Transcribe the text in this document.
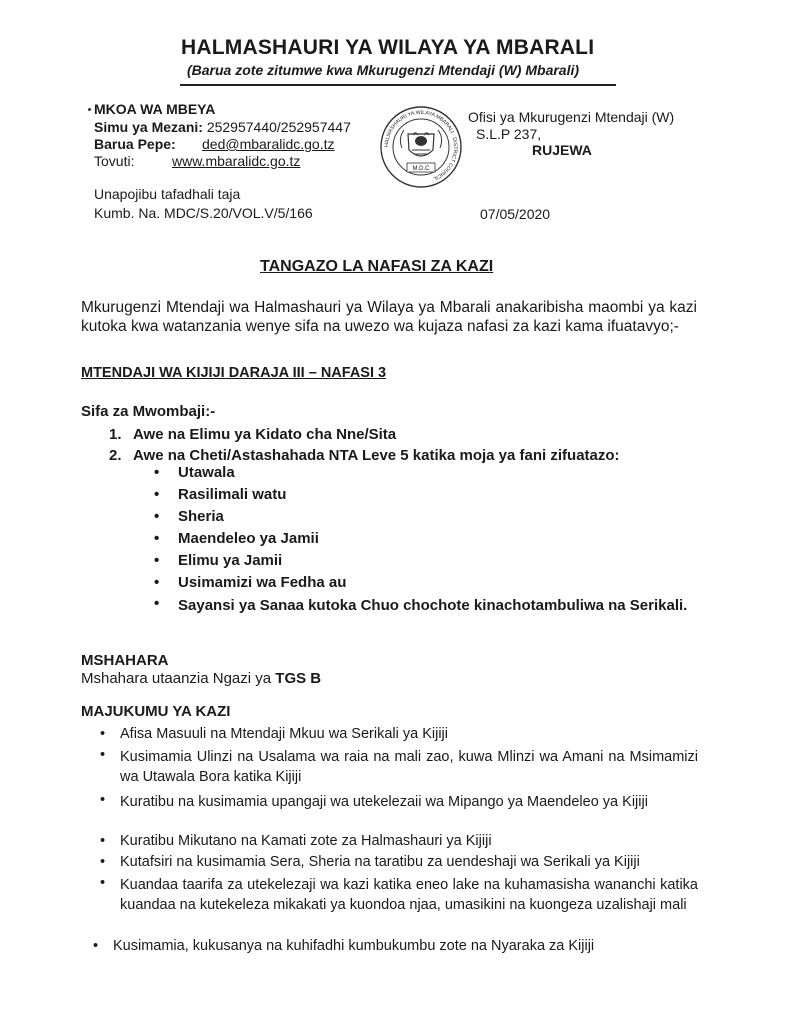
HALMASHAURI YA WILAYA YA MBARALI
(Barua zote zitumwe kwa Mkurugenzi Mtendaji (W) Mbarali)
MKOA WA MBEYA
Simu ya Mezani: 252957440/252957447
Barua Pepe: ded@mbaralidc.go.tz
Tovuti:	www.mbaralidc.go.tz
HALMASHAURI YA WILAYA MBARALI · DISTRICT COUNCIL
M.D.C
Ofisi ya Mkurugenzi Mtendaji (W)
S.L.P 237,
RUJEWA
Unapojibu tafadhali taja
Kumb. Na. MDC/S.20/VOL.V/5/166	07/05/2020
TANGAZO LA NAFASI ZA KAZI
Mkurugenzi Mtendaji wa Halmashauri ya Wilaya ya Mbarali anakaribisha maombi ya kazi kutoka kwa watanzania wenye sifa na uwezo wa kujaza nafasi za kazi kama ifuatavyo;-
MTENDAJI WA KIJIJI DARAJA III – NAFASI 3
Sifa za Mwombaji:-
1. Awe na Elimu ya Kidato cha Nne/Sita
2. Awe na Cheti/Astashahada NTA Leve 5 katika moja ya fani zifuatazo:
• Utawala
• Rasilimali watu
• Sheria
• Maendeleo ya Jamii
• Elimu ya Jamii
• Usimamizi wa Fedha au
• Sayansi ya Sanaa kutoka Chuo chochote kinachotambuliwa na Serikali.
MSHAHARA
Mshahara utaanzia Ngazi ya TGS B
MAJUKUMU YA KAZI
• Afisa Masuuli na Mtendaji Mkuu wa Serikali ya Kijiji
• Kusimamia Ulinzi na Usalama wa raia na mali zao, kuwa Mlinzi wa Amani na Msimamizi wa Utawala Bora katika Kijiji
• Kuratibu na kusimamia upangaji wa utekelezaii wa Mipango ya Maendeleo ya Kijiji
• Kuratibu Mikutano na Kamati zote za Halmashauri ya Kijiji
• Kutafsiri na kusimamia Sera, Sheria na taratibu za uendeshaji wa Serikali ya Kijiji
• Kuandaa taarifa za utekelezaji wa kazi katika eneo lake na kuhamasisha wananchi katika kuandaa na kutekeleza mikakati ya kuondoa njaa, umasikini na kuongeza uzalishaji mali
• Kusimamia, kukusanya na kuhifadhi kumbukumbu zote na Nyaraka za Kijiji
